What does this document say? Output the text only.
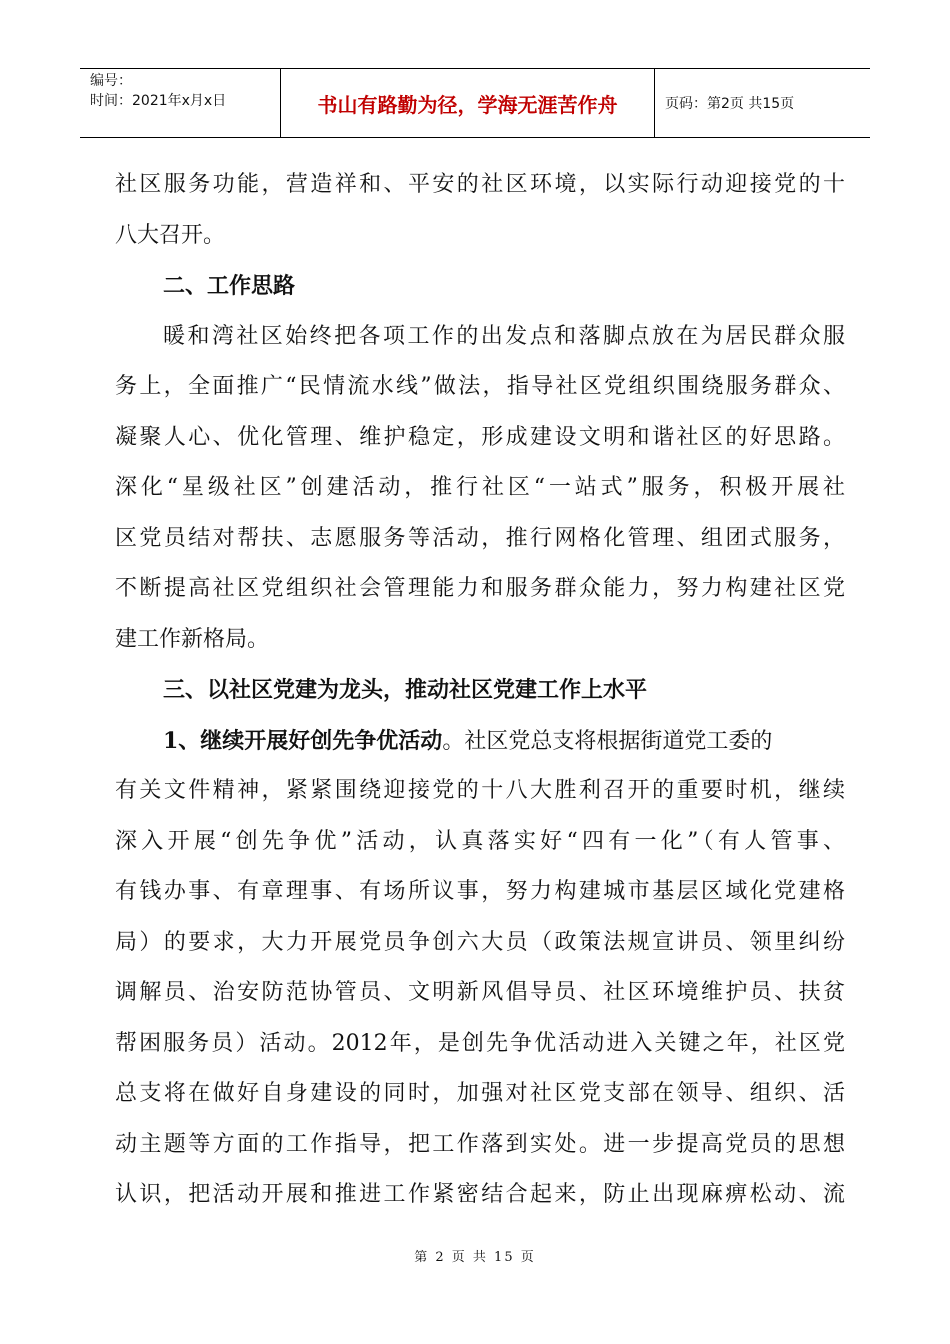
编号：
时间：2021年x月x日	书山有路勤为径，学海无涯苦作舟	页码：第2页 共15页
社区服务功能，营造祥和、平安的社区环境，以实际行动迎接党的十
八大召开。
二、工作思路
暖和湾社区始终把各项工作的出发点和落脚点放在为居民群众服
务上，全面推广“民情流水线”做法，指导社区党组织围绕服务群众、
凝聚人心、优化管理、维护稳定，形成建设文明和谐社区的好思路。
深化“星级社区”创建活动，推行社区“一站式”服务，积极开展社
区党员结对帮扶、志愿服务等活动，推行网格化管理、组团式服务，
不断提高社区党组织社会管理能力和服务群众能力，努力构建社区党
建工作新格局。
三、以社区党建为龙头，推动社区党建工作上水平
1、继续开展好创先争优活动。社区党总支将根据街道党工委的
有关文件精神，紧紧围绕迎接党的十八大胜利召开的重要时机，继续
深入开展“创先争优”活动，认真落实好“四有一化”（有人管事、
有钱办事、有章理事、有场所议事，努力构建城市基层区域化党建格
局）的要求，大力开展党员争创六大员（政策法规宣讲员、领里纠纷
调解员、治安防范协管员、文明新风倡导员、社区环境维护员、扶贫
帮困服务员）活动。2012年，是创先争优活动进入关键之年，社区党
总支将在做好自身建设的同时，加强对社区党支部在领导、组织、活
动主题等方面的工作指导，把工作落到实处。进一步提高党员的思想
认识，把活动开展和推进工作紧密结合起来，防止出现麻痹松动、流
第 2 页 共 15 页
